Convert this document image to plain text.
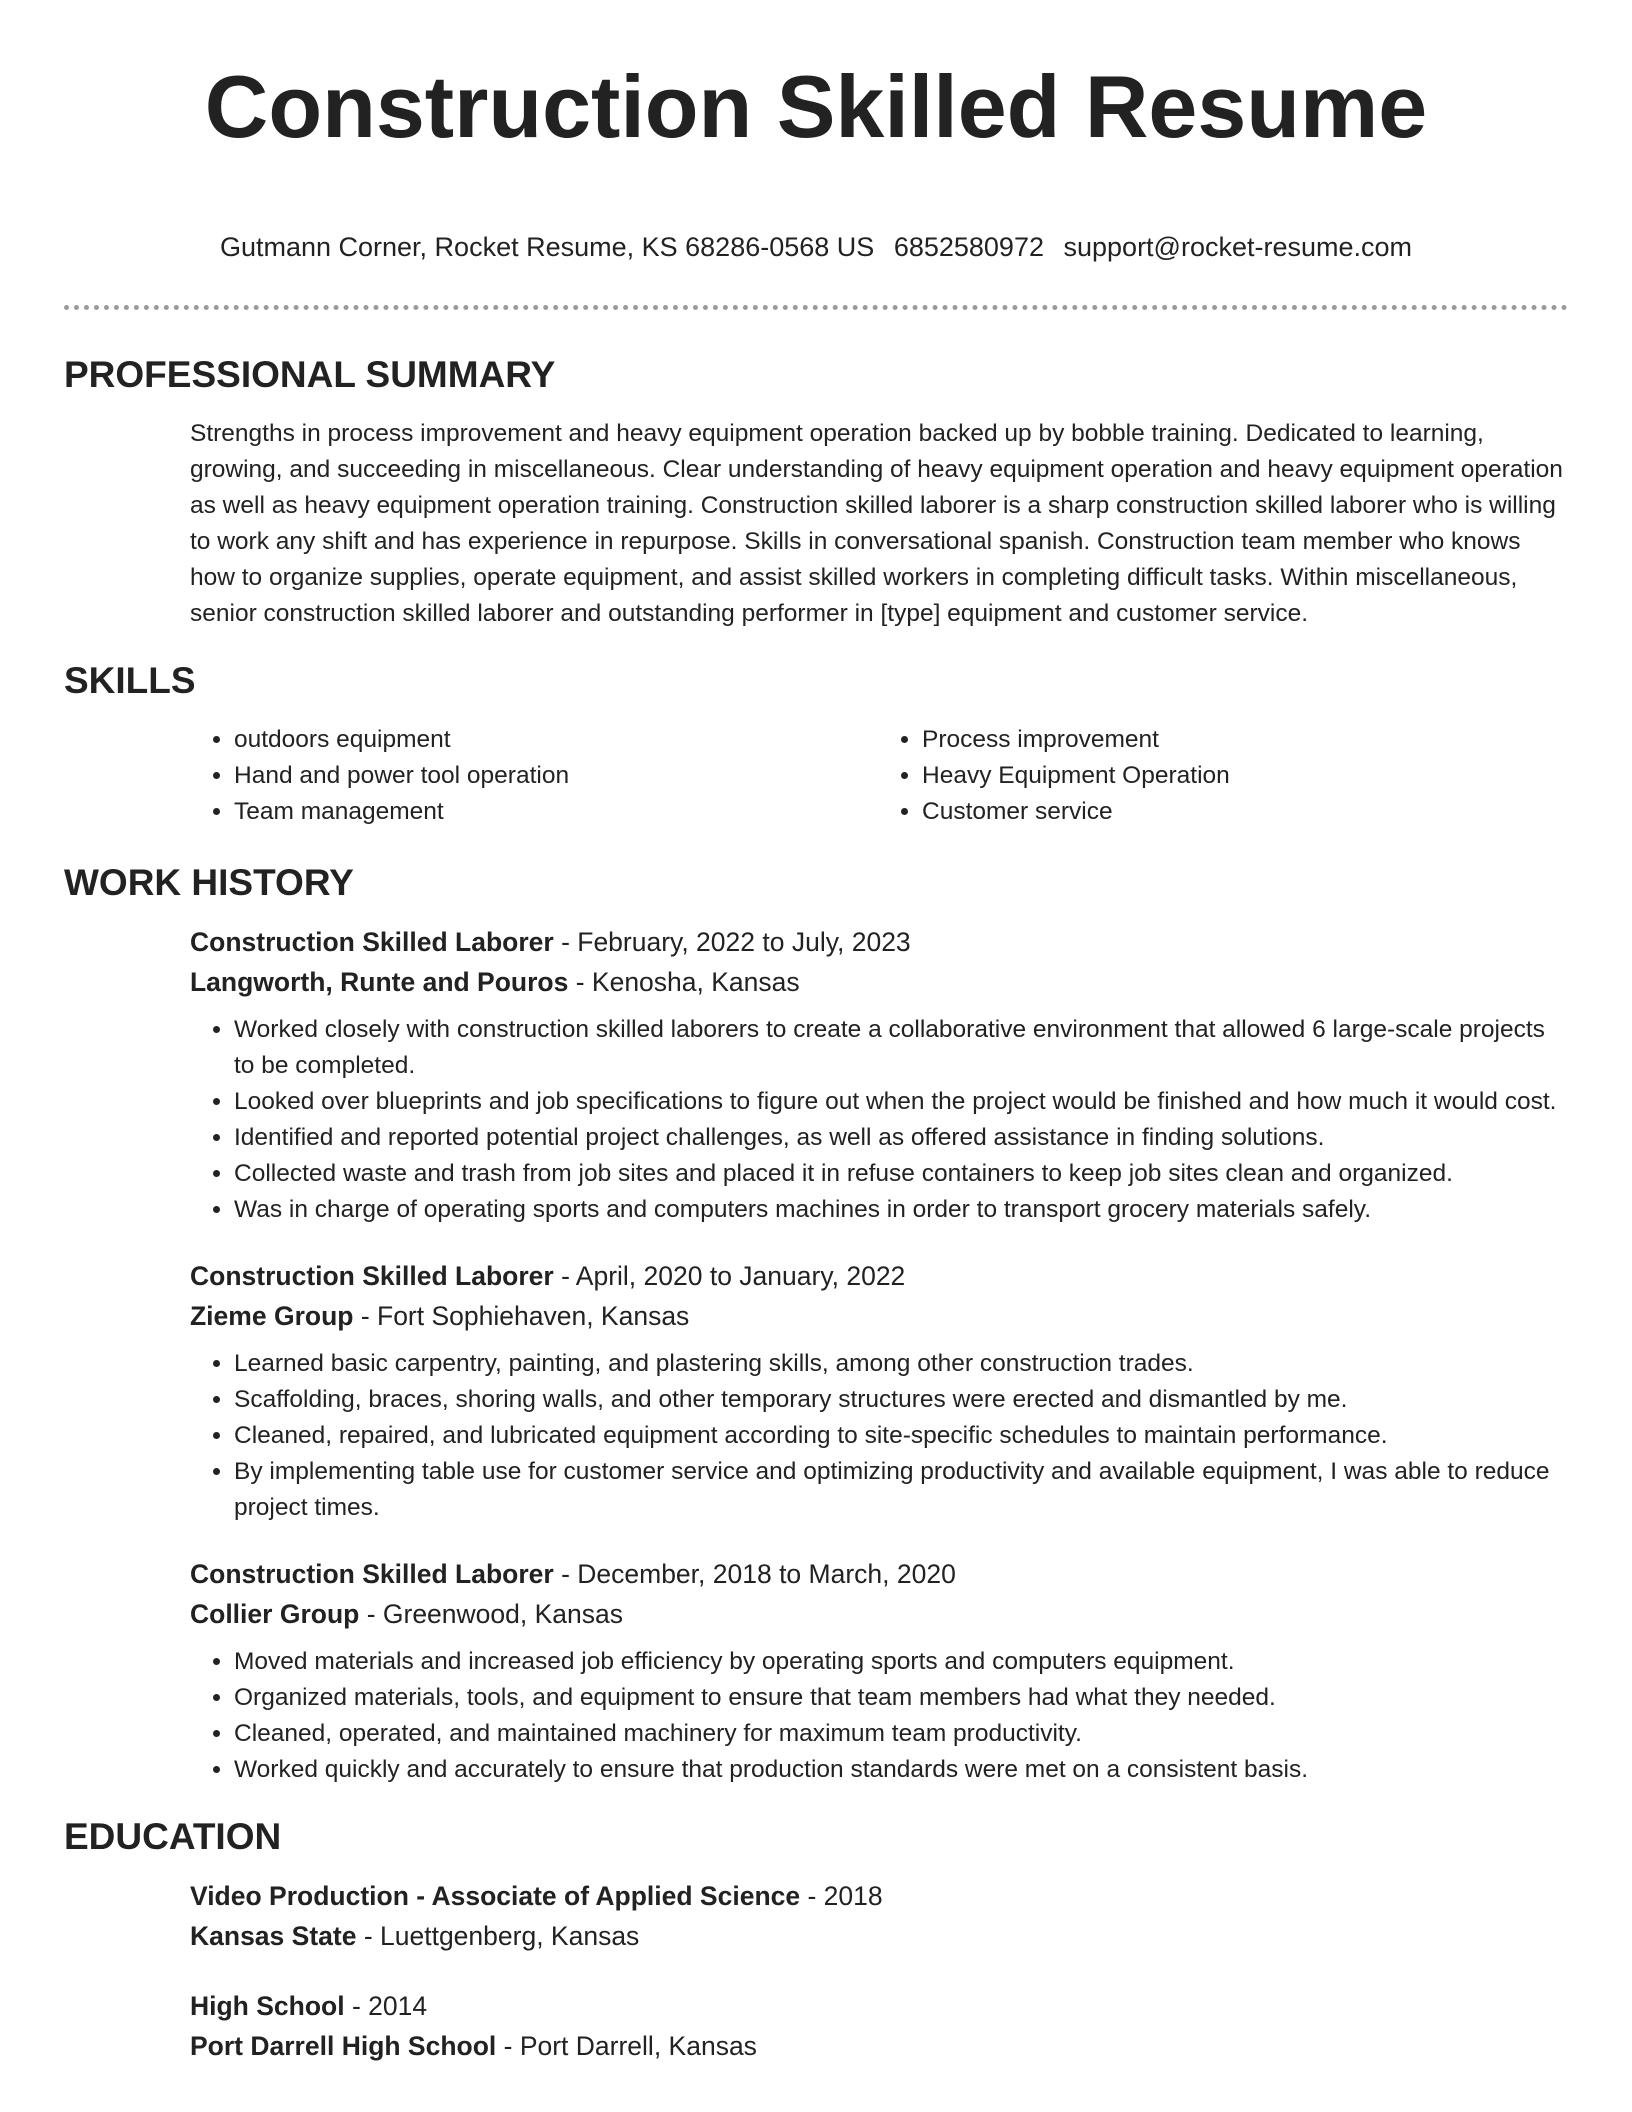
Construction Skilled Resume
Gutmann Corner, Rocket Resume, KS 68286-0568 US 6852580972 support@rocket-resume.com
PROFESSIONAL SUMMARY

Strengths in process improvement and heavy equipment operation backed up by bobble training. Dedicated to learning, growing, and succeeding in miscellaneous. Clear understanding of heavy equipment operation and heavy equipment operation as well as heavy equipment operation training. Construction skilled laborer is a sharp construction skilled laborer who is willing to work any shift and has experience in repurpose. Skills in conversational spanish. Construction team member who knows how to organize supplies, operate equipment, and assist skilled workers in completing difficult tasks. Within miscellaneous, senior construction skilled laborer and outstanding performer in [type] equipment and customer service.

SKILLS
• outdoors equipment
• Hand and power tool operation
• Team management
• Process improvement
• Heavy Equipment Operation
• Customer service
WORK HISTORY
Construction Skilled Laborer - February, 2022 to July, 2023
Langworth, Runte and Pouros - Kenosha, Kansas
• Worked closely with construction skilled laborers to create a collaborative environment that allowed 6 large-scale projects to be completed.
• Looked over blueprints and job specifications to figure out when the project would be finished and how much it would cost.
• Identified and reported potential project challenges, as well as offered assistance in finding solutions.
• Collected waste and trash from job sites and placed it in refuse containers to keep job sites clean and organized.
• Was in charge of operating sports and computers machines in order to transport grocery materials safely.
Construction Skilled Laborer - April, 2020 to January, 2022
Zieme Group - Fort Sophiehaven, Kansas
• Learned basic carpentry, painting, and plastering skills, among other construction trades.
• Scaffolding, braces, shoring walls, and other temporary structures were erected and dismantled by me.
• Cleaned, repaired, and lubricated equipment according to site-specific schedules to maintain performance.
• By implementing table use for customer service and optimizing productivity and available equipment, I was able to reduce project times.
Construction Skilled Laborer - December, 2018 to March, 2020
Collier Group - Greenwood, Kansas
• Moved materials and increased job efficiency by operating sports and computers equipment.
• Organized materials, tools, and equipment to ensure that team members had what they needed.
• Cleaned, operated, and maintained machinery for maximum team productivity.
• Worked quickly and accurately to ensure that production standards were met on a consistent basis.
EDUCATION
Video Production - Associate of Applied Science - 2018
Kansas State - Luettgenberg, Kansas
High School - 2014
Port Darrell High School - Port Darrell, Kansas
